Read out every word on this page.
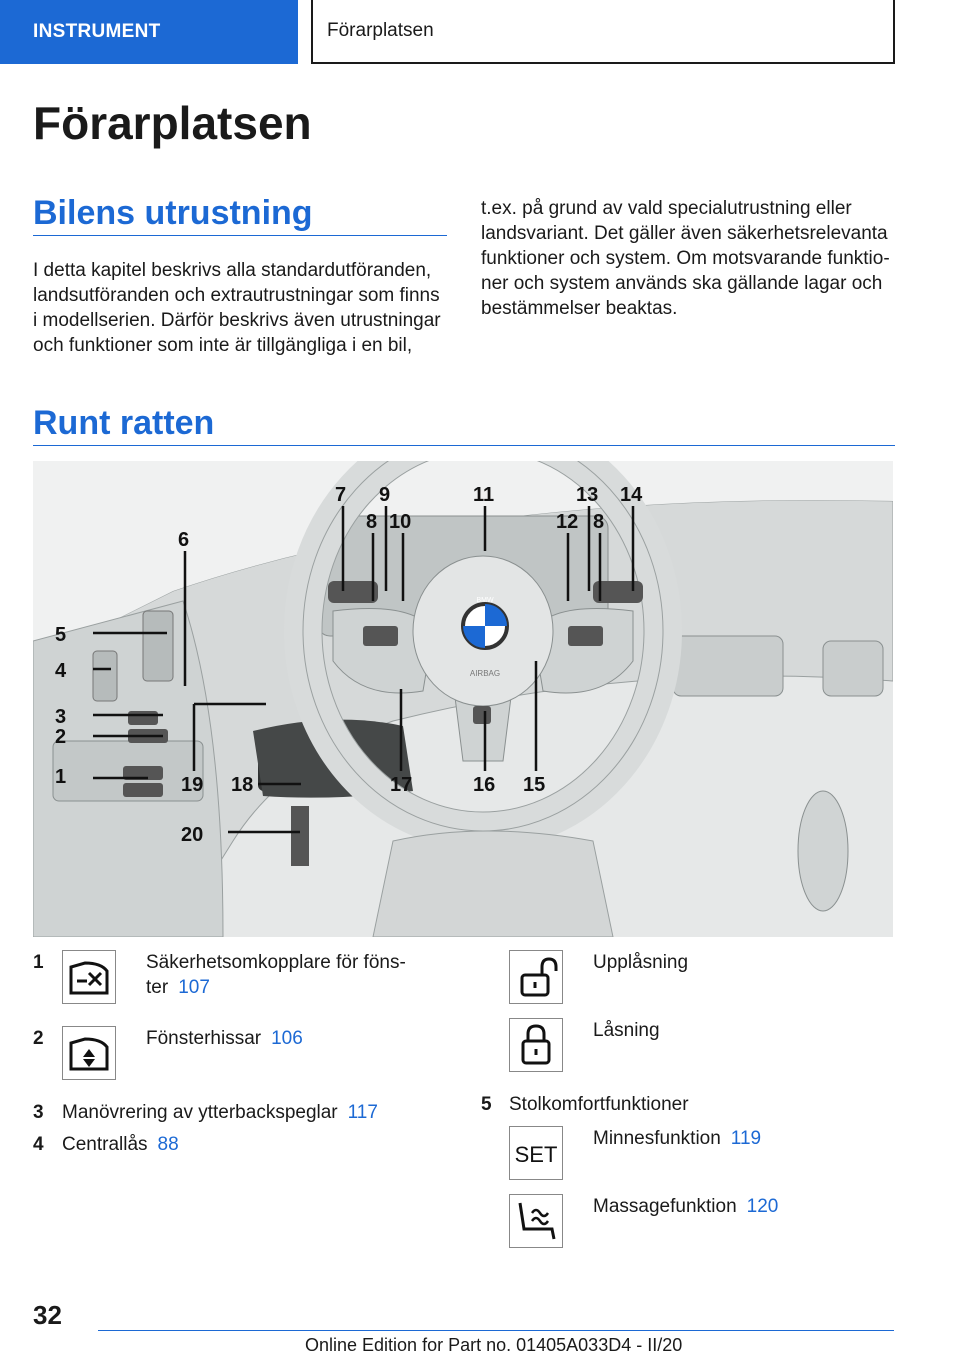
INSTRUMENT	Förarplatsen
Förarplatsen
Bilens utrustning

I detta kapitel beskrivs alla standardutföranden, landsutföranden och extrautrustningar som finns i modellserien. Därför beskrivs även utrustningar och funktioner som inte är tillgängliga i en bil,

t.ex. på grund av vald specialutrustning eller landsvariant. Det gäller även säkerhetsrelevanta funktioner och system. Om motsvarande funktioner och system används ska gällande lagar och bestämmelser beaktas.

Runt ratten
BMW
AIRBAG
1
2
3
4
5
6
7
8
9
10
11
8
12
13 14
15
16
17
18
19
20
1	Säkerhetsomkopplare för föns-
ter 107
2	Fönsterhissar 106
3 Manövrering av ytterbackspeglar 117
4 Centrallås 88
Upplåsning
Låsning
5 Stolkomfortfunktioner
SET
Minnesfunktion 119
Massagefunktion 120
32
Online Edition for Part no. 01405A033D4 - II/20
